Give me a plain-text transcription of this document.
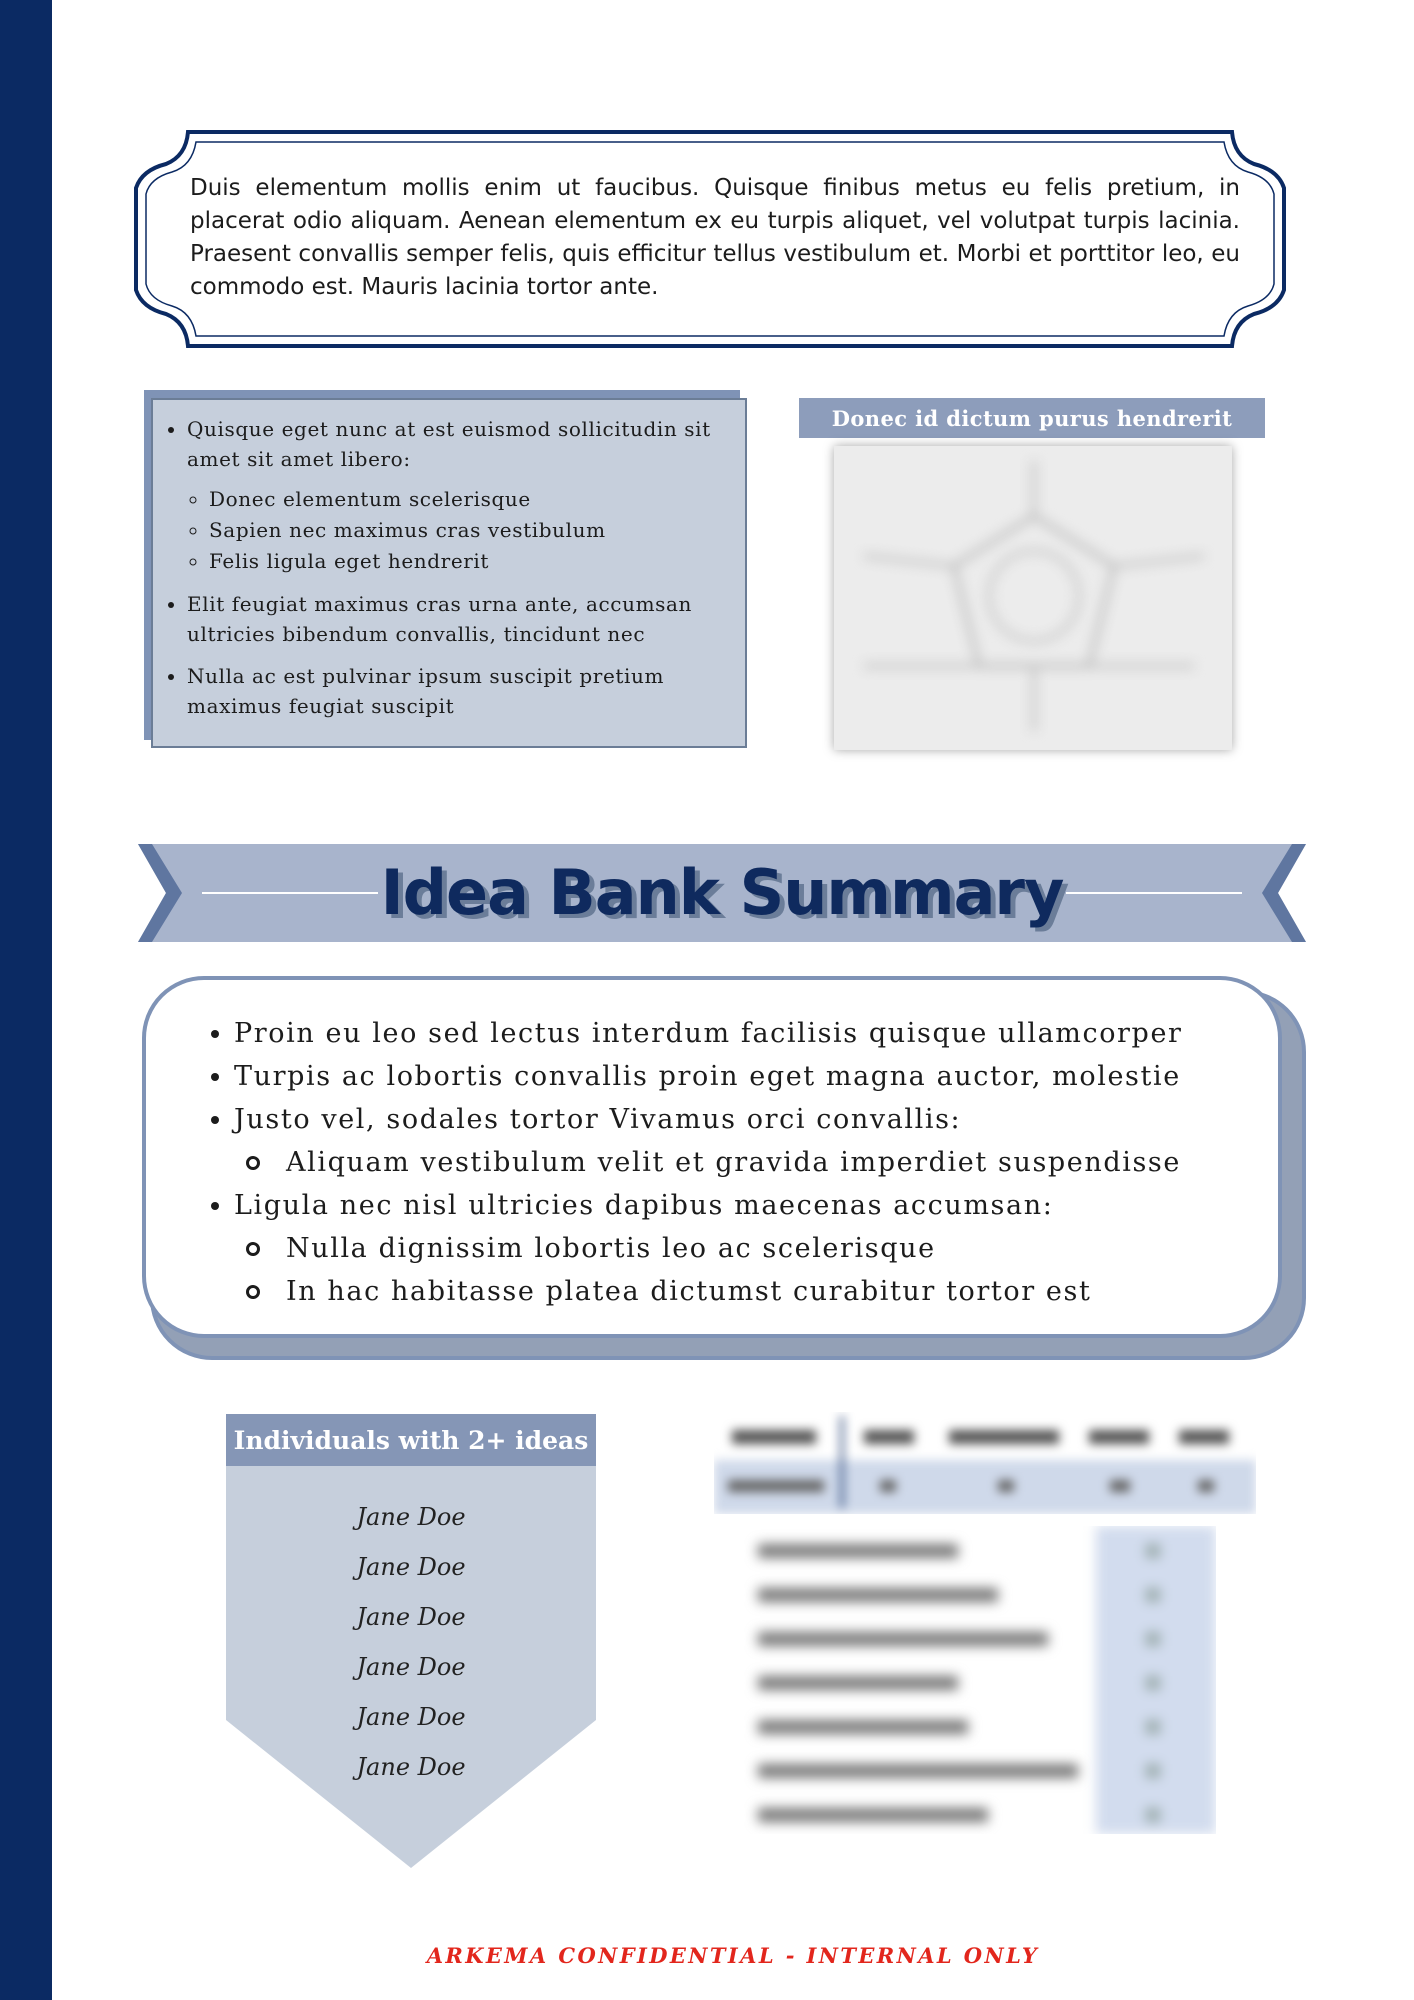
Duis elementum mollis enim ut faucibus. Quisque finibus metus eu felis pretium, in placerat odio aliquam. Aenean elementum ex eu turpis aliquet, vel volutpat turpis lacinia. Praesent convallis semper felis, quis efficitur tellus vestibulum et. Morbi et porttitor leo, eu commodo est. Mauris lacinia tortor ante.
• Quisque eget nunc at est euismod sollicitudin sit amet sit amet libero:
◦ Donec elementum scelerisque
◦ Sapien nec maximus cras vestibulum
◦ Felis ligula eget hendrerit
• Elit feugiat maximus cras urna ante, accumsan ultricies bibendum convallis, tincidunt nec
• Nulla ac est pulvinar ipsum suscipit pretium maximus feugiat suscipit
Donec id dictum purus hendrerit
Idea Bank Summary
• Proin eu leo sed lectus interdum facilisis quisque ullamcorper
• Turpis ac lobortis convallis proin eget magna auctor, molestie
• Justo vel, sodales tortor Vivamus orci convallis:
Aliquam vestibulum velit et gravida imperdiet suspendisse
• Ligula nec nisl ultricies dapibus maecenas accumsan:
Nulla dignissim lobortis leo ac scelerisque
In hac habitasse platea dictumst curabitur tortor est
Individuals with 2+ ideas
Jane Doe
Jane Doe
Jane Doe
Jane Doe
Jane Doe
Jane Doe
ARKEMA CONFIDENTIAL - INTERNAL ONLY
